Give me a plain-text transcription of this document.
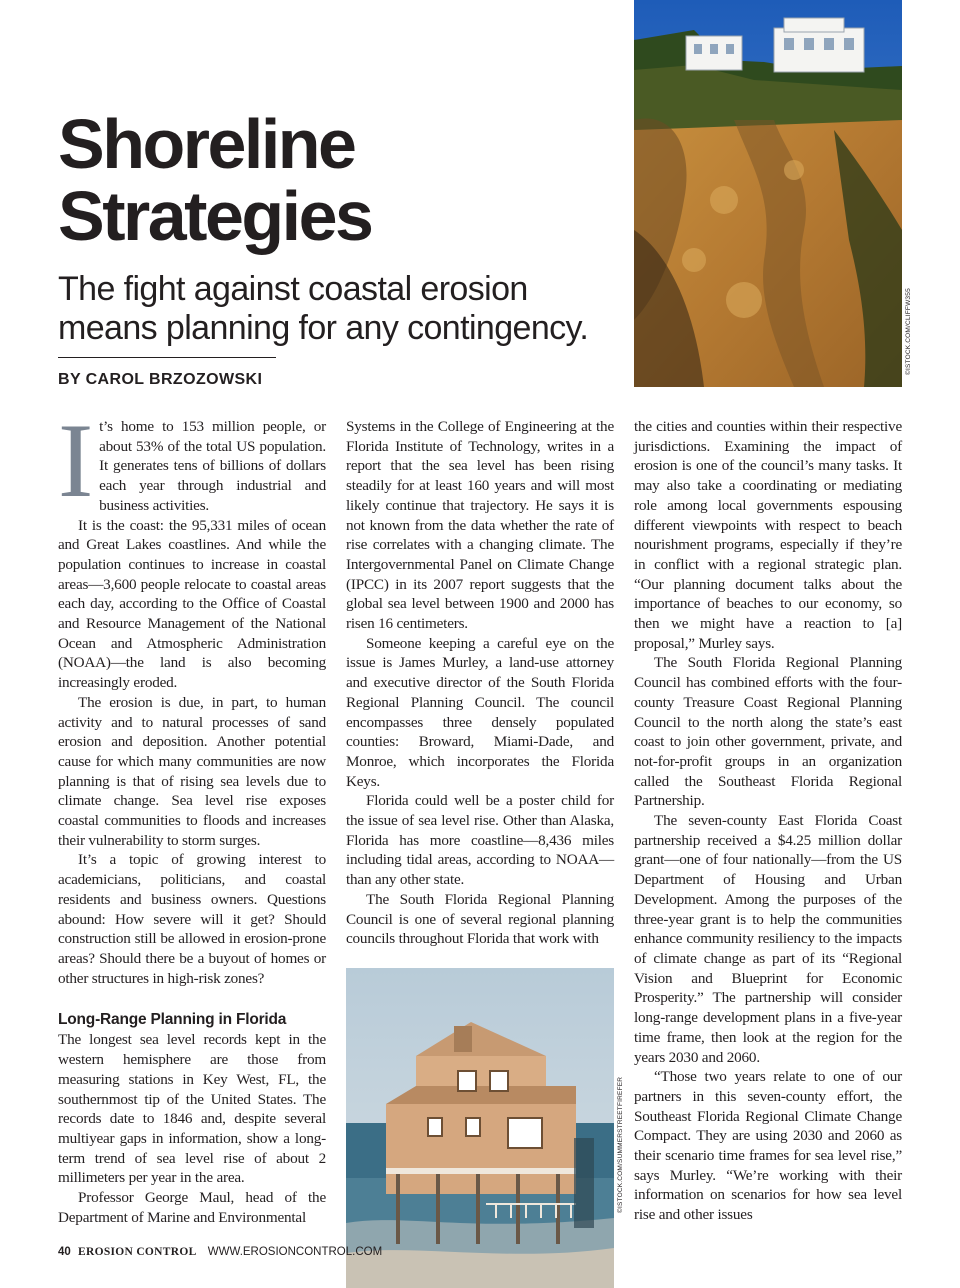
Shoreline
Strategies
The fight against coastal erosion
means planning for any contingency.

BY CAROL BRZOZOWSKI

©ISTOCK.COM/CLIFFW355

It’s home to 153 million people, or about 53% of the total US population. It generates tens of billions of dollars each year through industrial and business activities.

It is the coast: the 95,331 miles of ocean and Great Lakes coastlines. And while the population continues to increase in coastal areas—3,600 people relocate to coastal areas each day, according to the Office of Coastal and Resource Management of the National Ocean and Atmospheric Administration (NOAA)—the land is also becoming increasingly eroded.

The erosion is due, in part, to human activity and to natural processes of sand erosion and deposition. Another potential cause for which many communities are now planning is that of rising sea levels due to climate change. Sea level rise exposes coastal communities to floods and increases their vulnerability to storm surges.

It’s a topic of growing interest to academicians, politicians, and coastal residents and business owners. Questions abound: How severe will it get? Should construction still be allowed in erosion-prone areas? Should there be a buyout of homes or other structures in high-risk zones?

Long-Range Planning in Florida

The longest sea level records kept in the western hemisphere are those from measuring stations in Key West, FL, the southernmost tip of the United States. The records date to 1846 and, despite several multiyear gaps in information, show a long-term trend of sea level rise of about 2 millimeters per year in the area.

Professor George Maul, head of the Department of Marine and Environmental

Systems in the College of Engineering at the Florida Institute of Technology, writes in a report that the sea level has been rising steadily for at least 160 years and will most likely continue that trajectory. He says it is not known from the data whether the rate of rise correlates with a changing climate. The Intergovernmental Panel on Climate Change (IPCC) in its 2007 report suggests that the global sea level between 1900 and 2000 has risen 16 centimeters.

Someone keeping a careful eye on the issue is James Murley, a land-use attorney and executive director of the South Florida Regional Planning Council. The council encompasses three densely populated counties: Broward, Miami-Dade, and Monroe, which incorporates the Florida Keys.

Florida could well be a poster child for the issue of sea level rise. Other than Alaska, Florida has more coastline—8,436 miles including tidal areas, according to NOAA—than any other state.

The South Florida Regional Planning Council is one of several regional planning councils throughout Florida that work with

©ISTOCK.COM/SUMMERSTREETFIREFER

the cities and counties within their respective jurisdictions. Examining the impact of erosion is one of the council’s many tasks. It may also take a coordinating or mediating role among local governments espousing different viewpoints with respect to beach nourishment programs, especially if they’re in conflict with a regional strategic plan. “Our planning document talks about the importance of beaches to our economy, so then we might have a reaction to [a] proposal,” Murley says.

The South Florida Regional Planning Council has combined efforts with the four-county Treasure Coast Regional Planning Council to the north along the state’s east coast to join other government, private, and not-for-profit groups in an organization called the Southeast Florida Regional Partnership.

The seven-county East Florida Coast partnership received a $4.25 million dollar grant—one of four nationally—from the US Department of Housing and Urban Development. Among the purposes of the three-year grant is to help the communities enhance community resiliency to the impacts of climate change as part of its “Regional Vision and Blueprint for Economic Prosperity.” The partnership will consider long-range development plans in a five-year time frame, then look at the region for the years 2030 and 2060.

“Those two years relate to one of our partners in this seven-county effort, the Southeast Florida Regional Climate Change Compact. They are using 2030 and 2060 as their scenario time frames for sea level rise,” says Murley. “We’re working with their information on scenarios for how sea level rise and other issues

40 EROSION CONTROL WWW.EROSIONCONTROL.COM
